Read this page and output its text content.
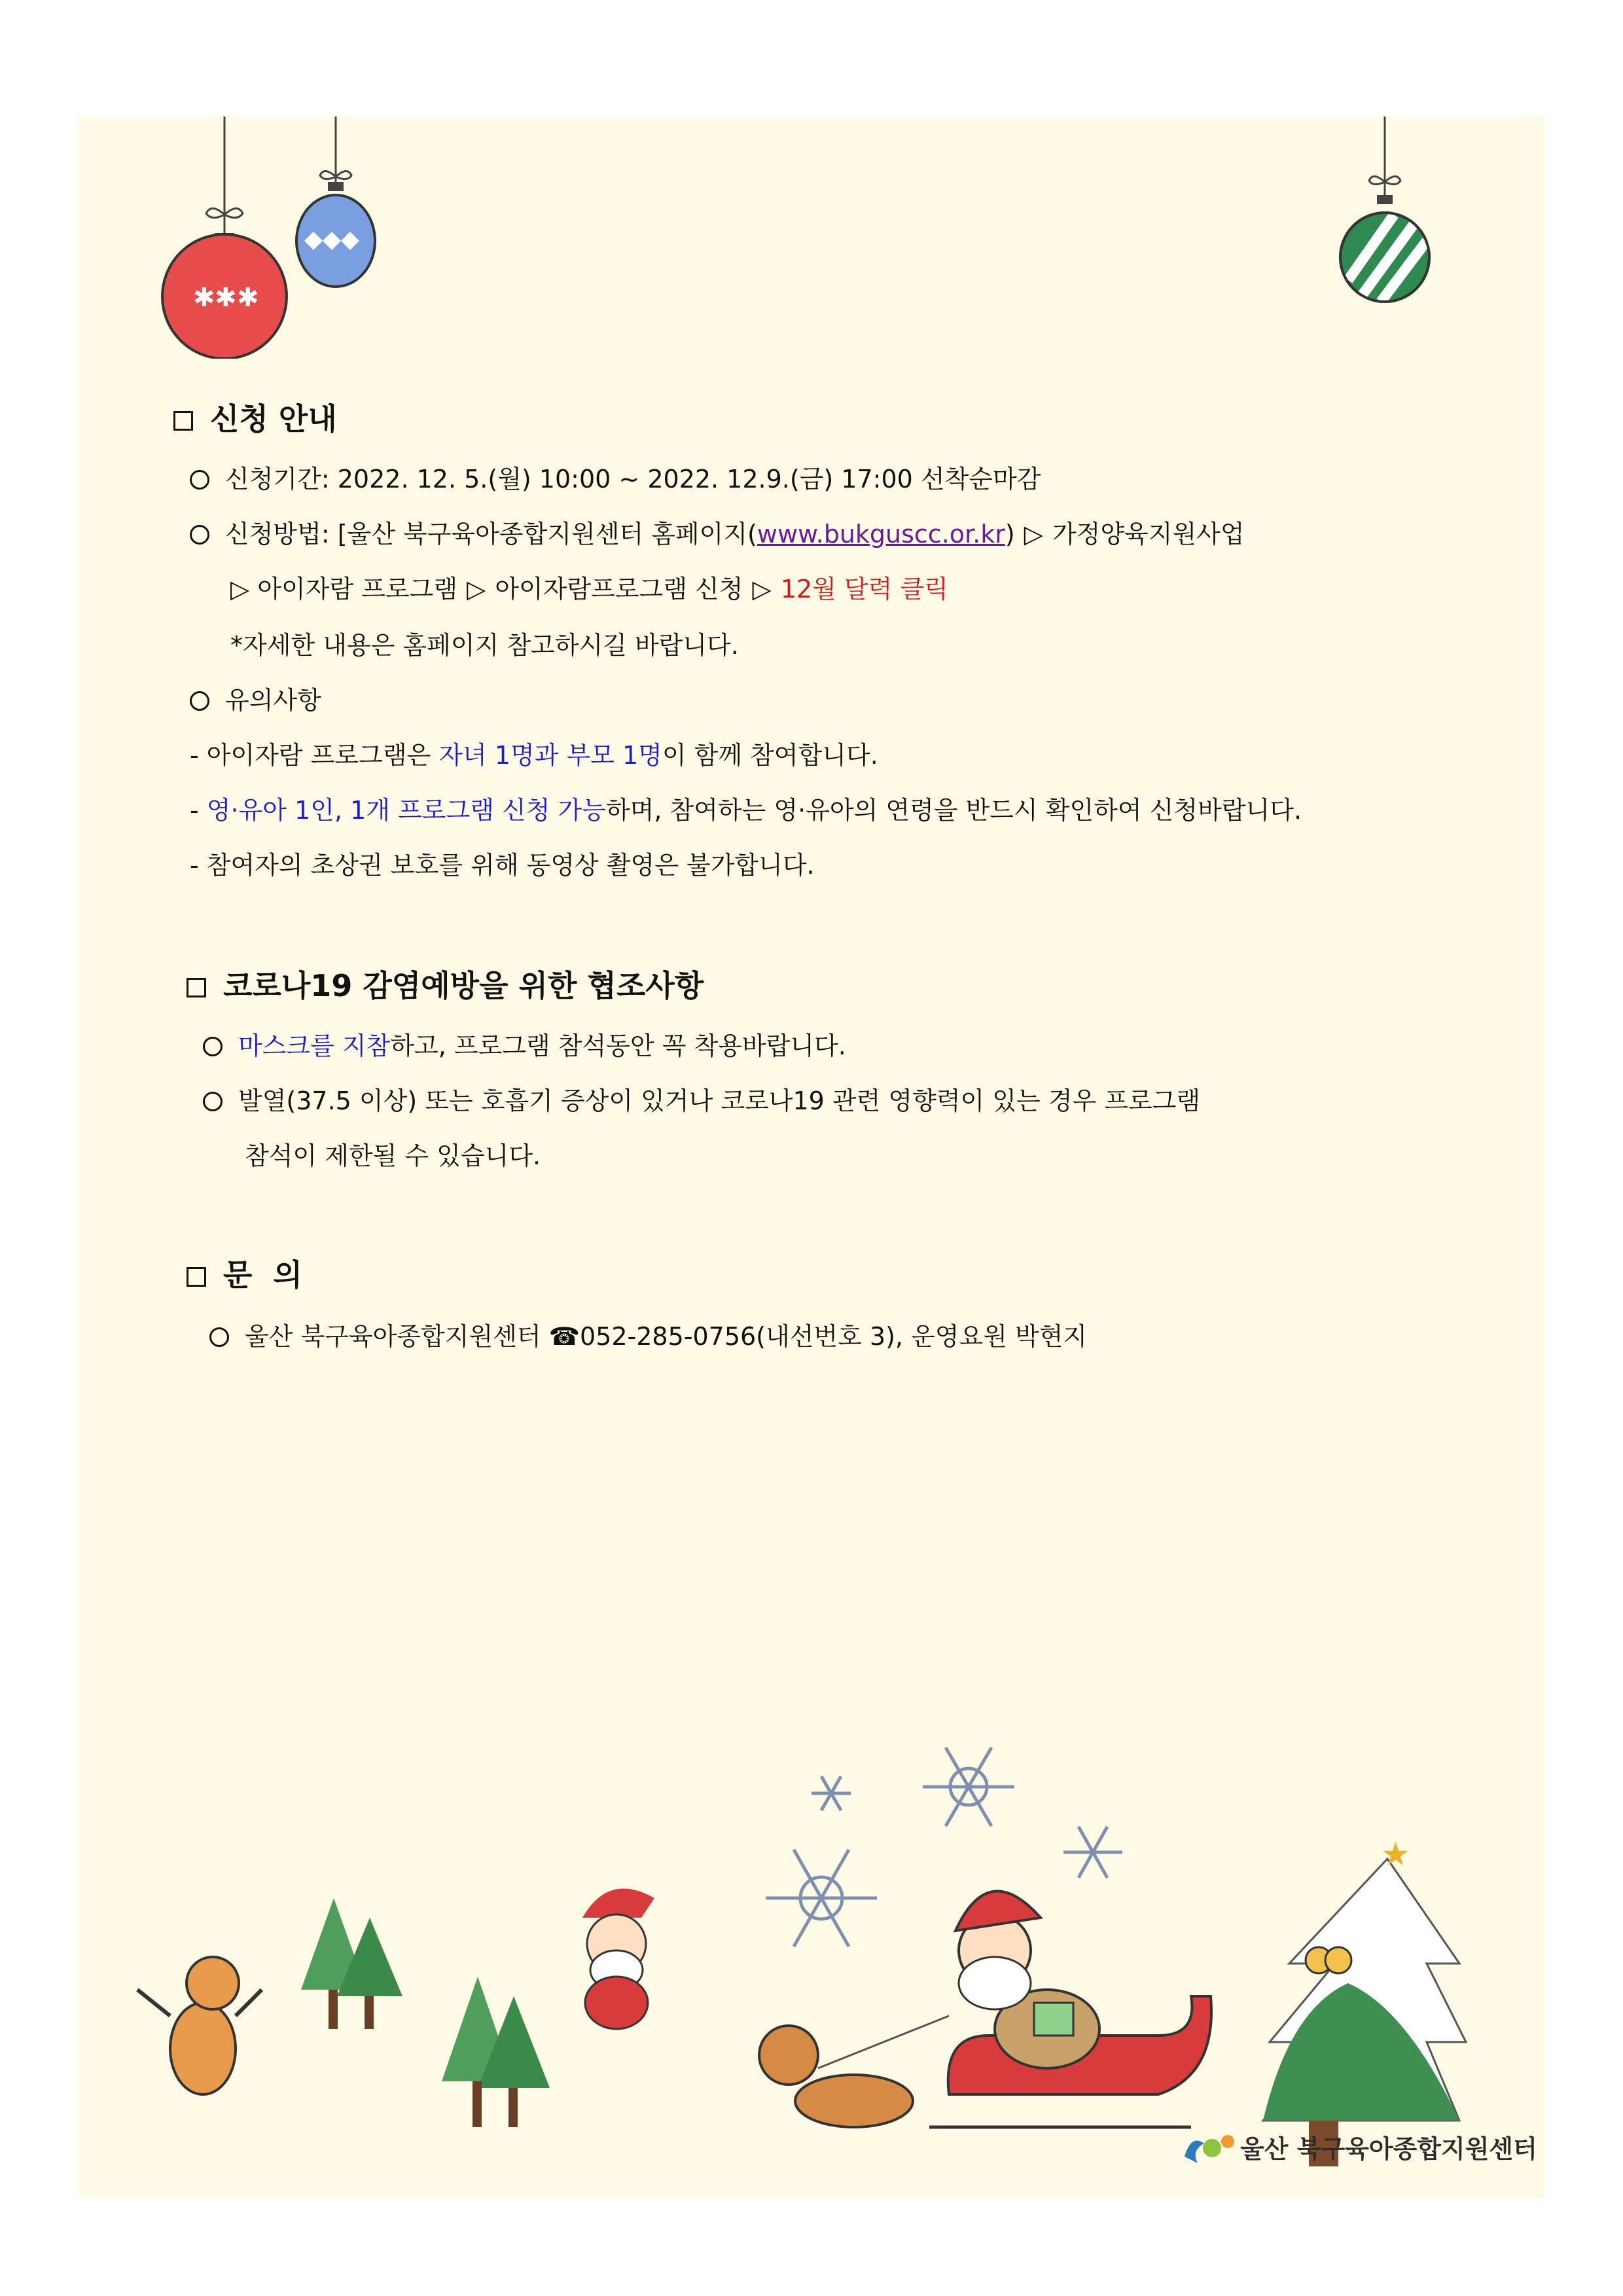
✱ ✱ ✱
신청 안내
신청기간: 2022. 12. 5.(월) 10:00 ~ 2022. 12.9.(금) 17:00 선착순마감
신청방법: [울산 북구육아종합지원센터 홈페이지(www.bukguscc.or.kr) ▷ 가정양육지원사업
▷ 아이자람 프로그램 ▷ 아이자람프로그램 신청 ▷ 12월 달력 클릭
*자세한 내용은 홈페이지 참고하시길 바랍니다.
유의사항
- 아이자람 프로그램은 자녀 1명과 부모 1명이 함께 참여합니다.
- 영·유아 1인, 1개 프로그램 신청 가능하며, 참여하는 영·유아의 연령을 반드시 확인하여 신청바랍니다.
- 참여자의 초상권 보호를 위해 동영상 촬영은 불가합니다.
코로나19 감염예방을 위한 협조사항
마스크를 지참하고, 프로그램 참석동안 꼭 착용바랍니다.
발열(37.5 이상) 또는 호흡기 증상이 있거나 코로나19 관련 영향력이 있는 경우 프로그램
참석이 제한될 수 있습니다.
문  의
울산 북구육아종합지원센터 ☎052-285-0756(내선번호 3), 운영요원 박현지
★
울산 북구육아종합지원센터
